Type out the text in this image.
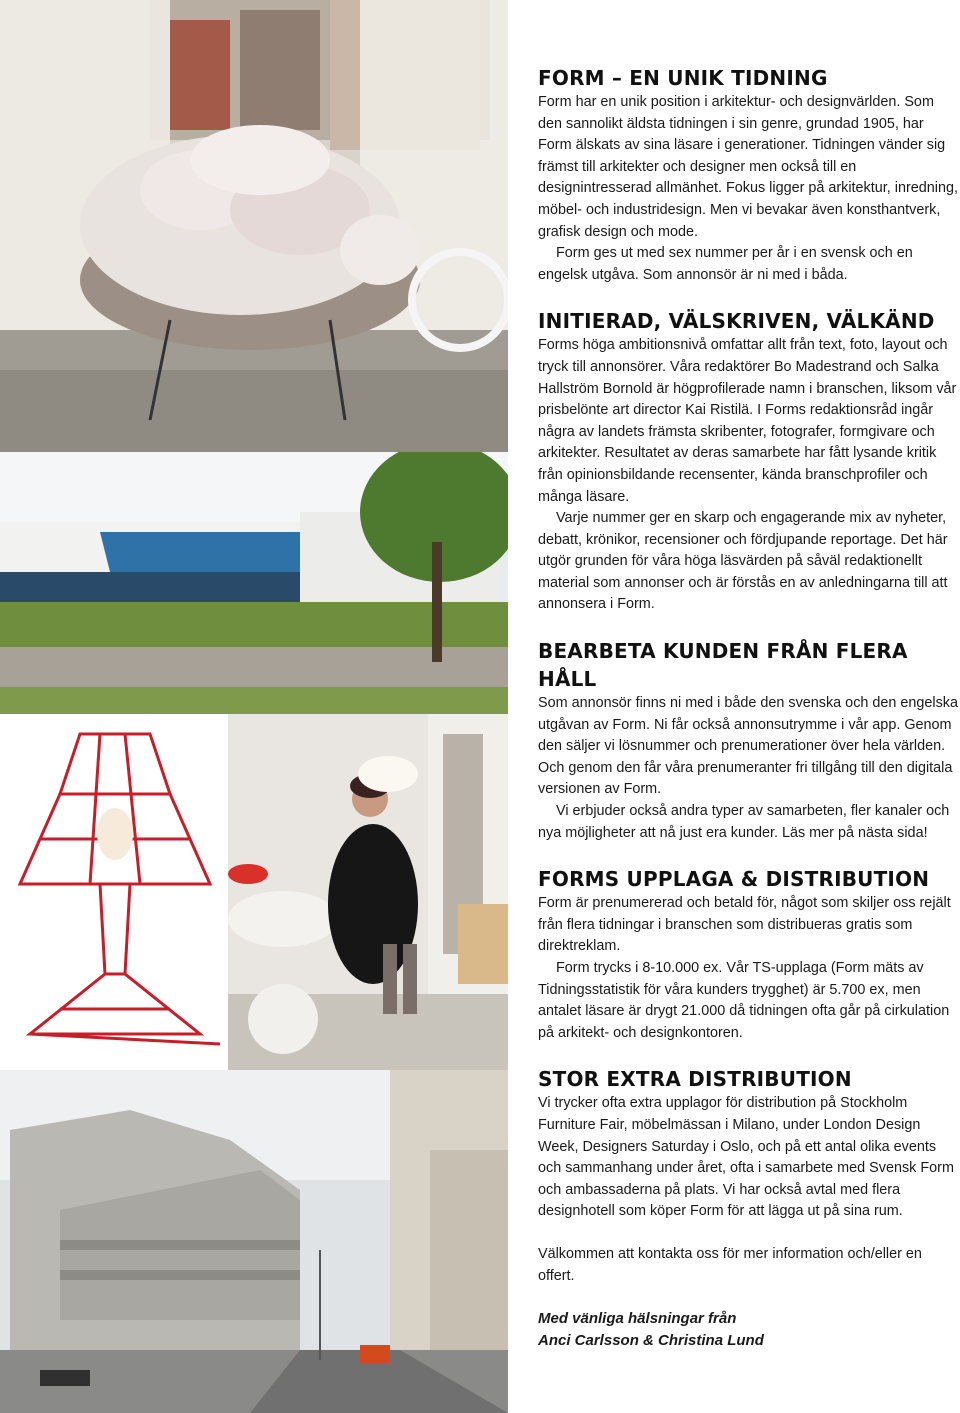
FORM – EN UNIK TIDNING

Form har en unik position i arkitektur- och designvärlden. Som den sannolikt äldsta tidningen i sin genre, grundad 1905, har Form älskats av sina läsare i generationer. Tidningen vänder sig främst till arkitekter och designer men också till en designintresserad allmänhet. Fokus ligger på arkitektur, inredning, möbel- och industridesign. Men vi bevakar även konsthantverk, grafisk design och mode.

Form ges ut med sex nummer per år i en svensk och en engelsk utgåva. Som annonsör är ni med i båda.

INITIERAD, VÄLSKRIVEN, VÄLKÄND

Forms höga ambitionsnivå omfattar allt från text, foto, layout och tryck till annonsörer. Våra redaktörer Bo Madestrand och Salka Hallström Bornold är högprofilerade namn i branschen, liksom vår prisbelönte art director Kai Ristilä. I Forms redaktionsråd ingår några av landets främsta skribenter, fotografer, formgivare och arkitekter. Resultatet av deras samarbete har fått lysande kritik från opinionsbildande recensenter, kända branschprofiler och många läsare.

Varje nummer ger en skarp och engagerande mix av nyheter, debatt, krönikor, recensioner och fördjupande reportage. Det här utgör grunden för våra höga läsvärden på såväl redaktionellt material som annonser och är förstås en av anledningarna till att annonsera i Form.

BEARBETA KUNDEN FRÅN FLERA HÅLL

Som annonsör finns ni med i både den svenska och den engelska utgåvan av Form. Ni får också annonsutrymme i vår app. Genom den säljer vi lösnummer och prenumerationer över hela världen. Och genom den får våra prenumeranter fri tillgång till den digitala versionen av Form.

Vi erbjuder också andra typer av samarbeten, fler kanaler och nya möjligheter att nå just era kunder. Läs mer på nästa sida!

FORMS UPPLAGA & DISTRIBUTION

Form är prenumererad och betald för, något som skiljer oss rejält från flera tidningar i branschen som distribueras gratis som direktreklam.

Form trycks i 8-10.000 ex. Vår TS-upplaga (Form mäts av Tidningsstatistik för våra kunders trygghet) är 5.700 ex, men antalet läsare är drygt 21.000 då tidningen ofta går på cirkulation på arkitekt- och designkontoren.

STOR EXTRA DISTRIBUTION

Vi trycker ofta extra upplagor för distribution på Stockholm Furniture Fair, möbelmässan i Milano, under London Design Week, Designers Saturday i Oslo, och på ett antal olika events och sammanhang under året, ofta i samarbete med Svensk Form och ambassaderna på plats. Vi har också avtal med flera designhotell som köper Form för att lägga ut på sina rum.

Välkommen att kontakta oss för mer information och/eller en offert.

Med vänliga hälsningar från

Anci Carlsson & Christina Lund
